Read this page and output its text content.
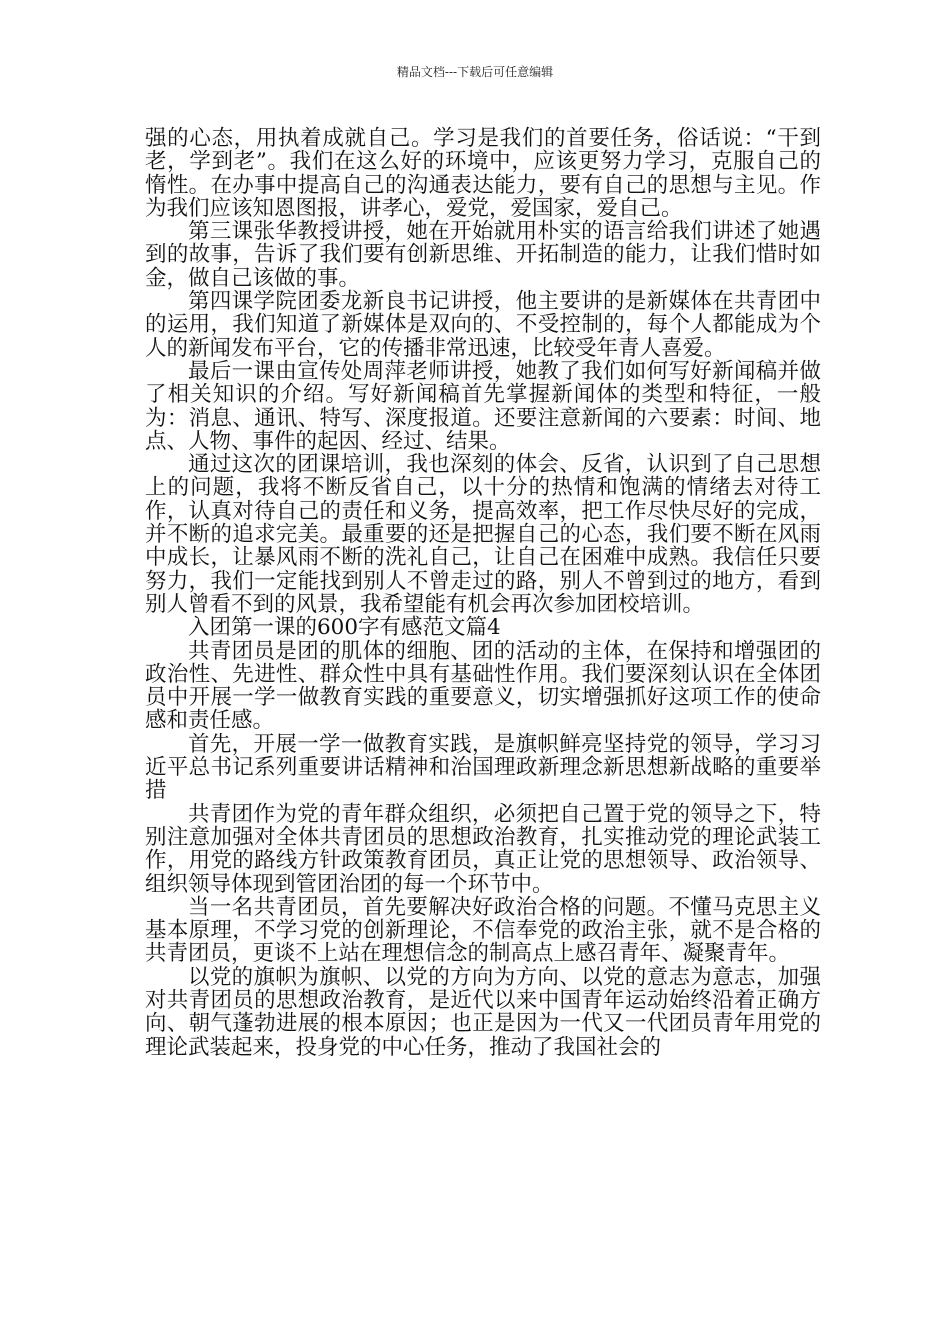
精品文档---下载后可任意编辑

强的心态，用执着成就自己。学习是我们的首要任务，俗话说：“干到老，学到老”。我们在这么好的环境中，应该更努力学习，克服自己的惰性。在办事中提高自己的沟通表达能力，要有自己的思想与主见。作为我们应该知恩图报，讲孝心，爱党，爱国家，爱自己。

第三课张华教授讲授，她在开始就用朴实的语言给我们讲述了她遇到的故事，告诉了我们要有创新思维、开拓制造的能力，让我们惜时如金，做自己该做的事。

第四课学院团委龙新良书记讲授，他主要讲的是新媒体在共青团中的运用，我们知道了新媒体是双向的、不受控制的，每个人都能成为个人的新闻发布平台，它的传播非常迅速，比较受年青人喜爱。

最后一课由宣传处周萍老师讲授，她教了我们如何写好新闻稿并做了相关知识的介绍。写好新闻稿首先掌握新闻体的类型和特征，一般为：消息、通讯、特写、深度报道。还要注意新闻的六要素：时间、地点、人物、事件的起因、经过、结果。

通过这次的团课培训，我也深刻的体会、反省，认识到了自己思想上的问题，我将不断反省自己，以十分的热情和饱满的情绪去对待工作，认真对待自己的责任和义务，提高效率，把工作尽快尽好的完成，并不断的追求完美。最重要的还是把握自己的心态，我们要不断在风雨中成长，让暴风雨不断的洗礼自己，让自己在困难中成熟。我信任只要努力，我们一定能找到别人不曾走过的路，别人不曾到过的地方，看到别人曾看不到的风景，我希望能有机会再次参加团校培训。

入团第一课的600字有感范文篇4

共青团员是团的肌体的细胞、团的活动的主体，在保持和增强团的政治性、先进性、群众性中具有基础性作用。我们要深刻认识在全体团员中开展一学一做教育实践的重要意义，切实增强抓好这项工作的使命感和责任感。

首先，开展一学一做教育实践，是旗帜鲜亮坚持党的领导，学习习近平总书记系列重要讲话精神和治国理政新理念新思想新战略的重要举措

共青团作为党的青年群众组织，必须把自己置于党的领导之下，特别注意加强对全体共青团员的思想政治教育，扎实推动党的理论武装工作，用党的路线方针政策教育团员，真正让党的思想领导、政治领导、组织领导体现到管团治团的每一个环节中。

当一名共青团员，首先要解决好政治合格的问题。不懂马克思主义基本原理，不学习党的创新理论，不信奉党的政治主张，就不是合格的共青团员，更谈不上站在理想信念的制高点上感召青年、凝聚青年。

以党的旗帜为旗帜、以党的方向为方向、以党的意志为意志，加强对共青团员的思想政治教育，是近代以来中国青年运动始终沿着正确方向、朝气蓬勃进展的根本原因；也正是因为一代又一代团员青年用党的理论武装起来，投身党的中心任务，推动了我国社会的
